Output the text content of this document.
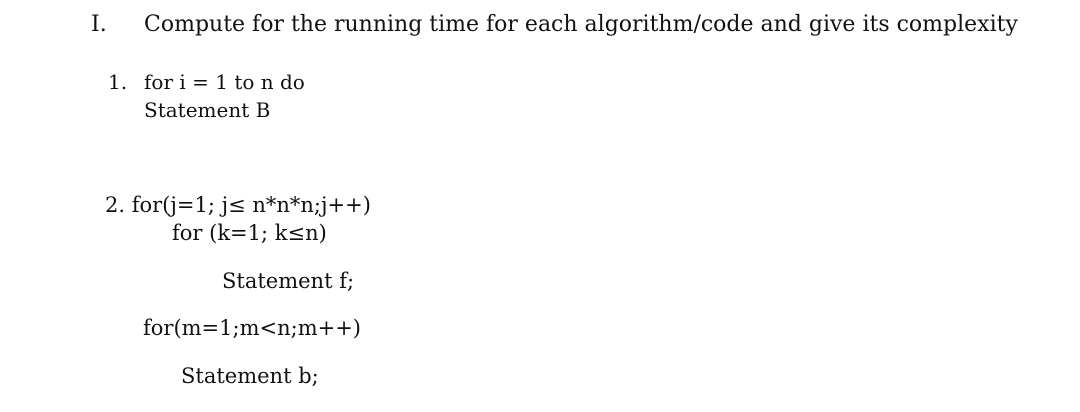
I. Compute for the running time for each algorithm/code and give its complexity
1. for i = 1 to n do
Statement B
2. for(j=1; j≤ n*n*n;j++)
for (k=1; k≤n)
Statement f;
for(m=1;m<n;m++)
Statement b;
